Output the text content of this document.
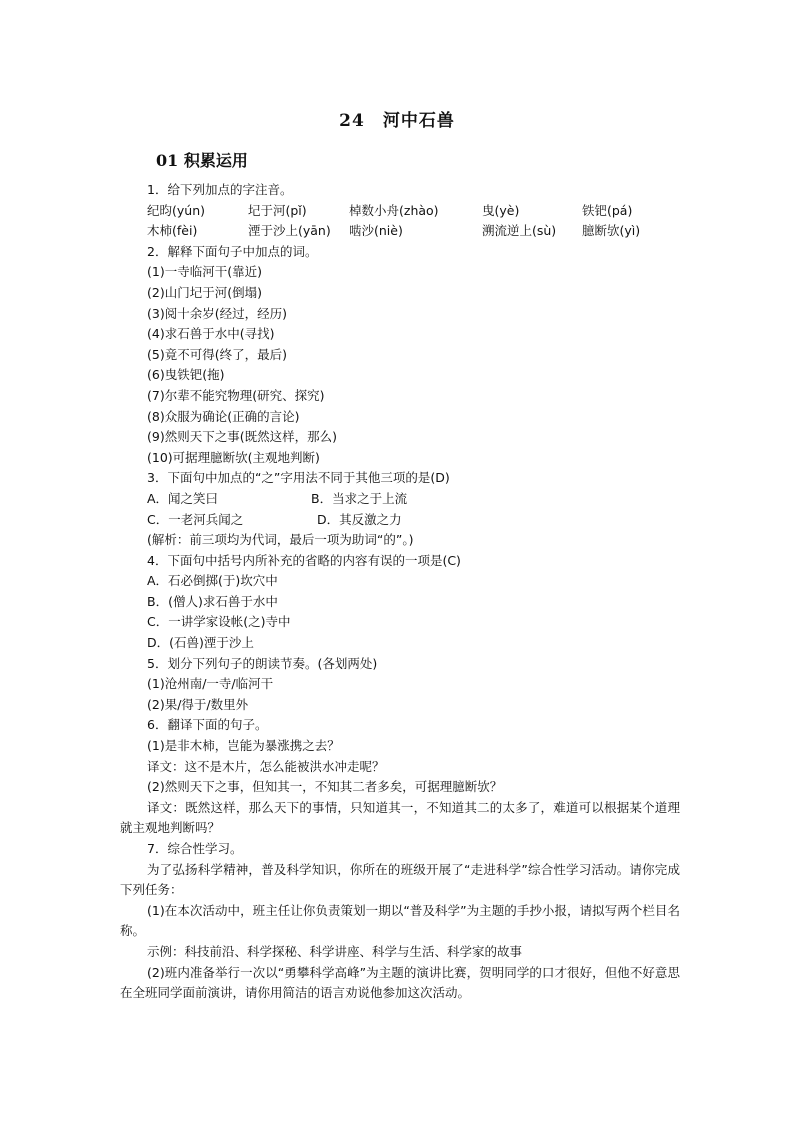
24　河中石兽
01 积累运用
1．给下列加点的字注音。
纪昀(yún)	圮于河(pǐ)	棹数小舟(zhào)	曳(yè)	铁钯(pá)
木柿(fèi)	湮于沙上(yān)	啮沙(niè)	溯流逆上(sù)	臆断欤(yì)
2．解释下面句子中加点的词。
(1)一寺临河干(靠近)
(2)山门圮于河(倒塌)
(3)阅十余岁(经过，经历)
(4)求石兽于水中(寻找)
(5)竟不可得(终了，最后)
(6)曳铁钯(拖)
(7)尔辈不能究物理(研究、探究)
(8)众服为确论(正确的言论)
(9)然则天下之事(既然这样，那么)
(10)可据理臆断欤(主观地判断)
3．下面句中加点的“之”字用法不同于其他三项的是(D)
A．闻之笑曰	B．当求之于上流
C．一老河兵闻之	D．其反激之力
(解析：前三项均为代词，最后一项为助词“的”。)
4．下面句中括号内所补充的省略的内容有误的一项是(C)
A．石必倒掷(于)坎穴中
B．(僧人)求石兽于水中
C．一讲学家设帐(之)寺中
D．(石兽)湮于沙上
5．划分下列句子的朗读节奏。(各划两处)
(1)沧州南/一寺/临河干
(2)果/得于/数里外
6．翻译下面的句子。
(1)是非木柿，岂能为暴涨携之去？
译文：这不是木片，怎么能被洪水冲走呢？
(2)然则天下之事，但知其一，不知其二者多矣，可据理臆断欤？
译文：既然这样，那么天下的事情，只知道其一，不知道其二的太多了，难道可以根据某个道理就主观地判断吗？
7．综合性学习。
为了弘扬科学精神，普及科学知识，你所在的班级开展了“走进科学”综合性学习活动。请你完成下列任务：
(1)在本次活动中，班主任让你负责策划一期以“普及科学”为主题的手抄小报，请拟写两个栏目名称。
示例：科技前沿、科学探秘、科学讲座、科学与生活、科学家的故事
(2)班内准备举行一次以“勇攀科学高峰”为主题的演讲比赛，贺明同学的口才很好，但他不好意思在全班同学面前演讲，请你用简洁的语言劝说他参加这次活动。
